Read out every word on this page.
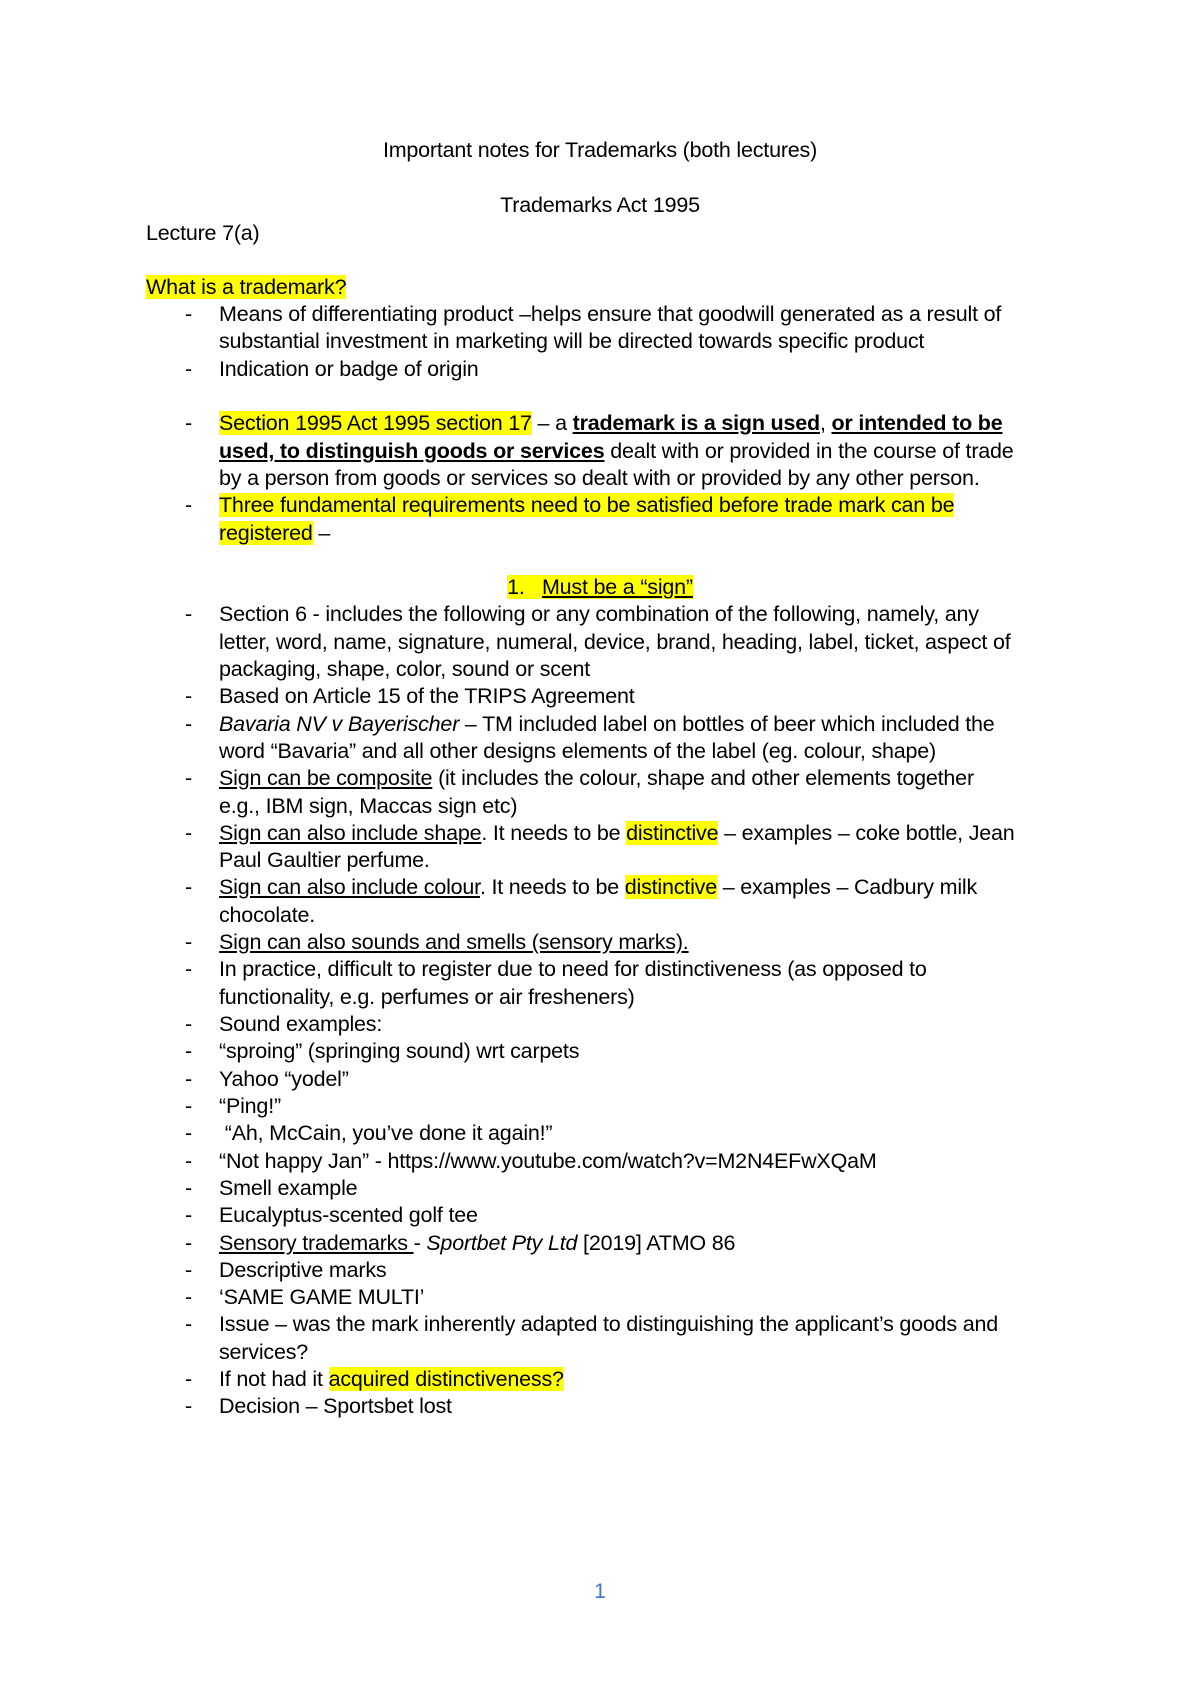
Important notes for Trademarks (both lectures)
Trademarks Act 1995
Lecture 7(a)
What is a trademark?
- Means of differentiating product –helps ensure that goodwill generated as a result of
substantial investment in marketing will be directed towards specific product
- Indication or badge of origin
- Section 1995 Act 1995 section 17 – a trademark is a sign used, or intended to be
used, to distinguish goods or services dealt with or provided in the course of trade
by a person from goods or services so dealt with or provided by any other person.
- Three fundamental requirements need to be satisfied before trade mark can be
registered –
1. Must be a “sign”
- Section 6 - includes the following or any combination of the following, namely, any
letter, word, name, signature, numeral, device, brand, heading, label, ticket, aspect of
packaging, shape, color, sound or scent
- Based on Article 15 of the TRIPS Agreement
- Bavaria NV v Bayerischer – TM included label on bottles of beer which included the
word “Bavaria” and all other designs elements of the label (eg. colour, shape)
- Sign can be composite (it includes the colour, shape and other elements together
e.g., IBM sign, Maccas sign etc)
- Sign can also include shape. It needs to be distinctive – examples – coke bottle, Jean
Paul Gaultier perfume.
- Sign can also include colour. It needs to be distinctive – examples – Cadbury milk
chocolate.
- Sign can also sounds and smells (sensory marks).
- In practice, difficult to register due to need for distinctiveness (as opposed to
functionality, e.g. perfumes or air fresheners)
- Sound examples:
- “sproing” (springing sound) wrt carpets
- Yahoo “yodel”
- “Ping!”
- “Ah, McCain, you’ve done it again!”
- “Not happy Jan” - https://www.youtube.com/watch?v=M2N4EFwXQaM
- Smell example
- Eucalyptus-scented golf tee
- Sensory trademarks - Sportbet Pty Ltd [2019] ATMO 86
- Descriptive marks
- ‘SAME GAME MULTI’
- Issue – was the mark inherently adapted to distinguishing the applicant’s goods and
services?
- If not had it acquired distinctiveness?
- Decision – Sportsbet lost
1
